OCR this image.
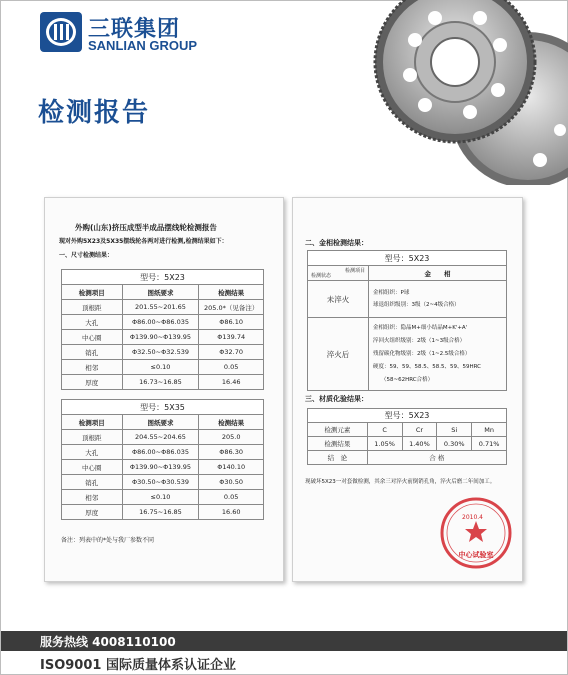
三联集团
SANLIAN GROUP
检测报告
外购(山东)挤压成型半成品摆线轮检测报告
现对外购5X23及5X35摆线轮各两对进行检测,检测结果如下：
一、尺寸检测结果：
型号：5X23		
检测项目	图纸要求	检测结果
顶根距	201.55~201.65	205.0*（见备注）
大孔	Φ86.00~Φ86.035	Φ86.10
中心圈	Φ139.90~Φ139.95	Φ139.74
销孔	Φ32.50~Φ32.539	Φ32.70
相邻	≤0.10	0.05
厚度	16.73~16.85	16.46
型号：5X35		
检测项目	图纸要求	检测结果
顶根距	204.55~204.65	205.0
大孔	Φ86.00~Φ86.035	Φ86.30
中心圈	Φ139.90~Φ139.95	Φ140.10
销孔	Φ30.50~Φ30.539	Φ30.50
相邻	≤0.10	0.05
厚度	16.75~16.85	16.60
备注：列表中的*处与我厂参数不同
二、金相检测结果：
型号：5X23	

检测项目
检测状态	金　　相
未淬火	金相组织：P球
球退组织级别：3级（2~4级合格）

淬火后	金相组织：隐晶M+细小结晶M+K'+A'
淬回火组织级别：2级（1~3级合格）
残留碳化物级别：2级（1~2.5级合格）
硬度：59、59、58.5、58.5、59、59HRC
（58~62HRC合格）
三、材质化验结果：
型号：5X23				
检测元素	C	Cr	Si	Mn
检测结果	1.05%	1.40%	0.30%	0.71%
结　论	合 格			
现破坏5X23一对套做检测，其余三对淬火前倒销孔角，淬火后磨二年间加工。
2010.4
中心试验室
服务热线 4008110100
ISO9001 国际质量体系认证企业
